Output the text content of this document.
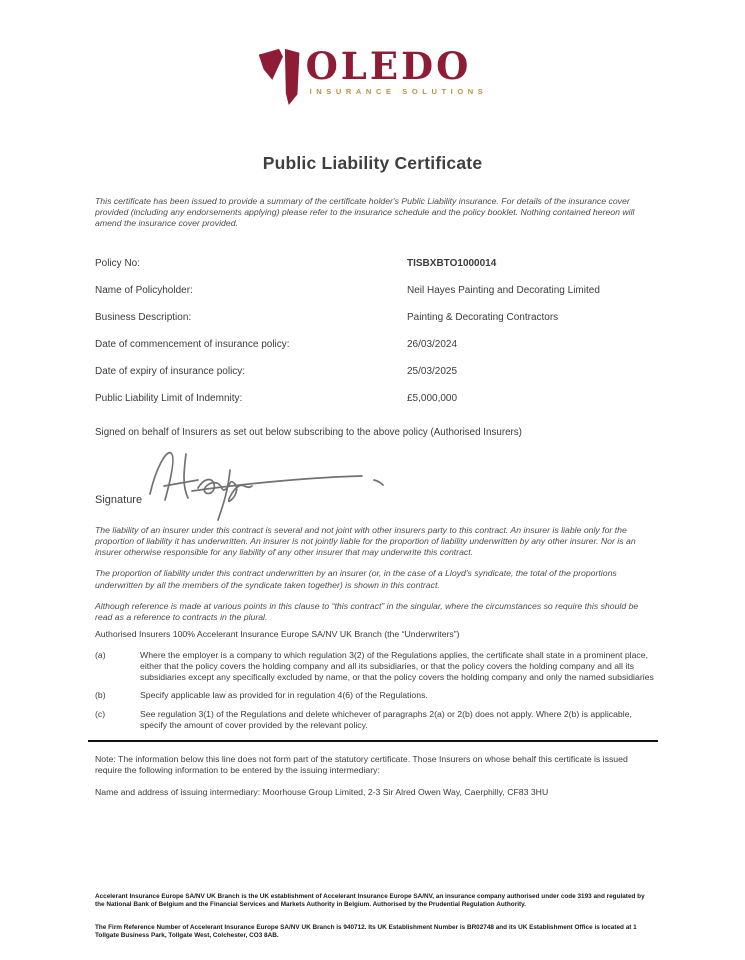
OLEDO
INSURANCE SOLUTIONS
Public Liability Certificate
This certificate has been issued to provide a summary of the certificate holder's Public Liability insurance. For details of the insurance cover provided (including any endorsements applying) please refer to the insurance schedule and the policy booklet. Nothing contained hereon will amend the insurance cover provided.
Policy No:	TISBXBTO1000014
Name of Policyholder:	Neil Hayes Painting and Decorating Limited
Business Description:	Painting & Decorating Contractors
Date of commencement of insurance policy:	26/03/2024
Date of expiry of insurance policy:	25/03/2025
Public Liability Limit of Indemnity:	£5,000,000
Signed on behalf of Insurers as set out below subscribing to the above policy (Authorised Insurers)
Signature

The liability of an insurer under this contract is several and not joint with other insurers party to this contract. An insurer is liable only for the proportion of liability it has underwritten. An insurer is not jointly liable for the proportion of liability underwritten by any other insurer. Nor is an insurer otherwise responsible for any liability of any other insurer that may underwrite this contract.

The proportion of liability under this contract underwritten by an insurer (or, in the case of a Lloyd's syndicate, the total of the proportions underwritten by all the members of the syndicate taken together) is shown in this contract.

Although reference is made at various points in this clause to “this contract” in the singular, where the circumstances so require this should be read as a reference to contracts in the plural.

Authorised Insurers 100% Accelerant Insurance Europe SA/NV UK Branch (the “Underwriters”)
(a)	Where the employer is a company to which regulation 3(2) of the Regulations applies, the certificate shall state in a prominent place, either that the policy covers the holding company and all its subsidiaries, or that the policy covers the holding company and all its subsidiaries except any specifically excluded by name, or that the policy covers the holding company and only the named subsidiaries
(b)	Specify applicable law as provided for in regulation 4(6) of the Regulations.
(c)	See regulation 3(1) of the Regulations and delete whichever of paragraphs 2(a) or 2(b) does not apply. Where 2(b) is applicable, specify the amount of cover provided by the relevant policy.
Note: The information below this line does not form part of the statutory certificate. Those Insurers on whose behalf this certificate is issued require the following information to be entered by the issuing intermediary:
Name and address of issuing intermediary: Moorhouse Group Limited, 2-3 Sir Alred Owen Way, Caerphilly, CF83 3HU
Accelerant Insurance Europe SA/NV UK Branch is the UK establishment of Accelerant Insurance Europe SA/NV, an insurance company authorised under code 3193 and regulated by the National Bank of Belgium and the Financial Services and Markets Authority in Belgium. Authorised by the Prudential Regulation Authority.
The Firm Reference Number of Accelerant Insurance Europe SA/NV UK Branch is 940712. Its UK Establishment Number is BR02748 and its UK Establishment Office is located at 1 Tollgate Business Park, Tollgate West, Colchester, CO3 8AB.
